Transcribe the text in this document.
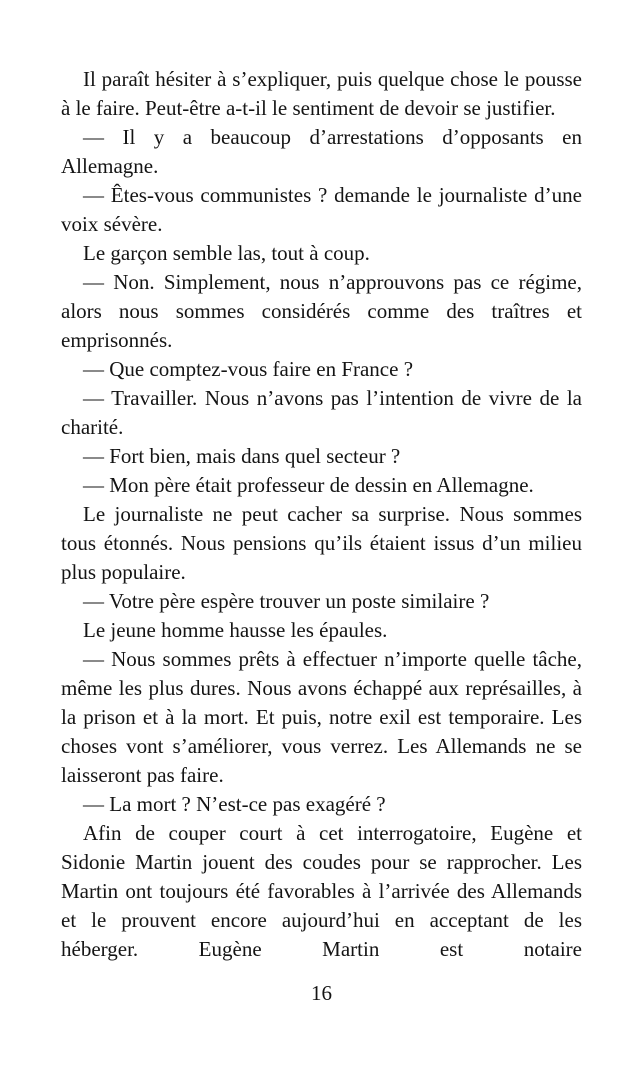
Il paraît hésiter à s’expliquer, puis quelque chose le pousse à le faire. Peut-être a-t-il le sentiment de devoir se justifier.

— Il y a beaucoup d’arrestations d’opposants en Allemagne.

— Êtes-vous communistes ? demande le journaliste d’une voix sévère.

Le garçon semble las, tout à coup.

— Non. Simplement, nous n’approuvons pas ce régime, alors nous sommes considérés comme des traîtres et emprisonnés.

— Que comptez-vous faire en France ?

— Travailler. Nous n’avons pas l’intention de vivre de la charité.

— Fort bien, mais dans quel secteur ?

— Mon père était professeur de dessin en Allemagne.

Le journaliste ne peut cacher sa surprise. Nous sommes tous étonnés. Nous pensions qu’ils étaient issus d’un milieu plus populaire.

— Votre père espère trouver un poste similaire ?

Le jeune homme hausse les épaules.

— Nous sommes prêts à effectuer n’importe quelle tâche, même les plus dures. Nous avons échappé aux représailles, à la prison et à la mort. Et puis, notre exil est temporaire. Les choses vont s’améliorer, vous verrez. Les Allemands ne se laisseront pas faire.

— La mort ? N’est-ce pas exagéré ?

Afin de couper court à cet interrogatoire, Eugène et Sidonie Martin jouent des coudes pour se rapprocher. Les Martin ont toujours été favorables à l’arrivée des Allemands et le prouvent encore aujourd’hui en acceptant de les héberger. Eugène Martin est notaire

16
